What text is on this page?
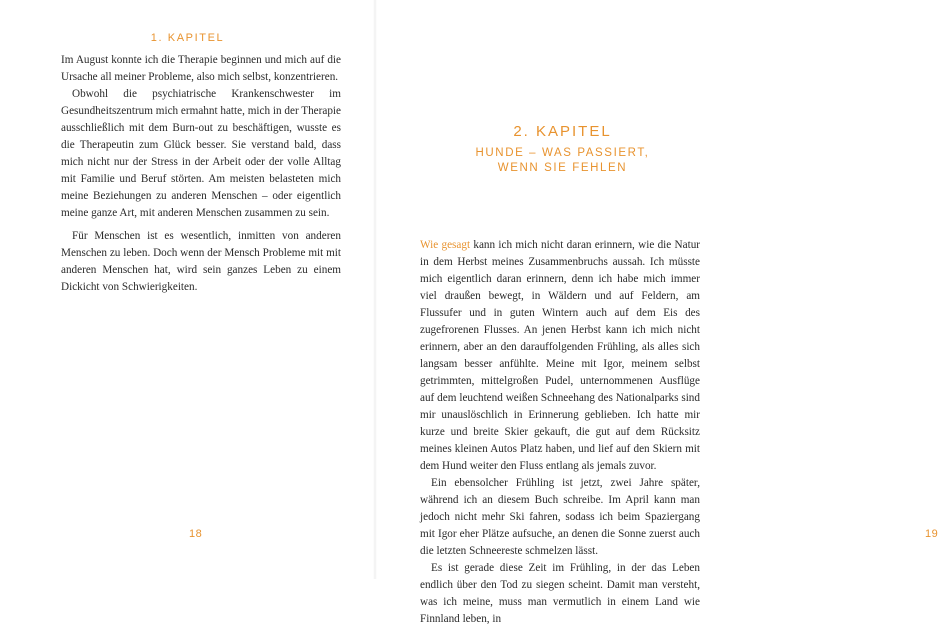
1. KAPITEL

Im August konnte ich die Therapie beginnen und mich auf die Ursache all meiner Probleme, also mich selbst, konzentrieren.

Obwohl die psychiatrische Krankenschwester im Gesundheitszentrum mich ermahnt hatte, mich in der Therapie ausschließlich mit dem Burn-out zu beschäftigen, wusste es die Therapeutin zum Glück besser. Sie verstand bald, dass mich nicht nur der Stress in der Arbeit oder der volle Alltag mit Familie und Beruf störten. Am meisten belasteten mich meine Beziehungen zu anderen Menschen – oder eigentlich meine ganze Art, mit anderen Menschen zusammen zu sein.

Für Menschen ist es wesentlich, inmitten von anderen Menschen zu leben. Doch wenn der Mensch Probleme mit mit anderen Menschen hat, wird sein ganzes Leben zu einem Dickicht von Schwierigkeiten.

18
2. KAPITEL
HUNDE – WAS PASSIERT,
WENN SIE FEHLEN

Wie gesagt kann ich mich nicht daran erinnern, wie die Natur in dem Herbst meines Zusammenbruchs aussah. Ich müsste mich eigentlich daran erinnern, denn ich habe mich immer viel draußen bewegt, in Wäldern und auf Feldern, am Flussufer und in guten Wintern auch auf dem Eis des zugefrorenen Flusses. An jenen Herbst kann ich mich nicht erinnern, aber an den darauffolgenden Frühling, als alles sich langsam besser anfühlte. Meine mit Igor, meinem selbst getrimmten, mittelgroßen Pudel, unternommenen Ausflüge auf dem leuchtend weißen Schneehang des Nationalparks sind mir unauslöschlich in Erinnerung geblieben. Ich hatte mir kurze und breite Skier gekauft, die gut auf dem Rücksitz meines kleinen Autos Platz haben, und lief auf den Skiern mit dem Hund weiter den Fluss entlang als jemals zuvor.

Ein ebensolcher Frühling ist jetzt, zwei Jahre später, während ich an diesem Buch schreibe. Im April kann man jedoch nicht mehr Ski fahren, sodass ich beim Spaziergang mit Igor eher Plätze aufsuche, an denen die Sonne zuerst auch die letzten Schneereste schmelzen lässt.

Es ist gerade diese Zeit im Frühling, in der das Leben endlich über den Tod zu siegen scheint. Damit man versteht, was ich meine, muss man vermutlich in einem Land wie Finnland leben, in

19
